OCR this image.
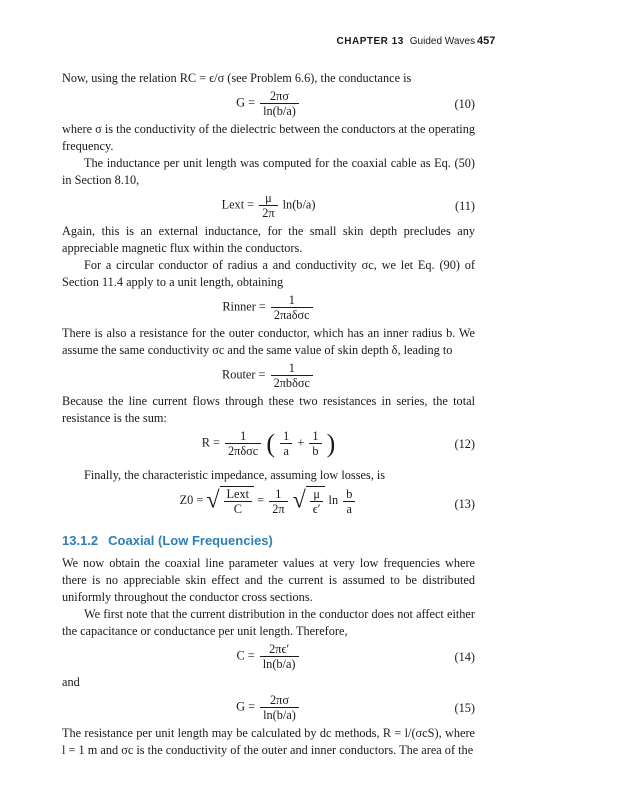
CHAPTER 13 Guided Waves 457

Now, using the relation RC = ϵ/σ (see Problem 6.6), the conductance is

$G = \frac{2\pi\sigma}{\ln(b/a)}$	(10)

where σ is the conductivity of the dielectric between the conductors at the operating frequency.

The inductance per unit length was computed for the coaxial cable as Eq. (50) in Section 8.10,

Lext = $\frac{\mu}{2\pi} \ln(b/a)$	(11)

Again, this is an external inductance, for the small skin depth precludes any appreciable magnetic flux within the conductors.

For a circular conductor of radius a and conductivity σc, we let Eq. (90) of Section 11.4 apply to a unit length, obtaining

Rinner = $\frac{1}{\text{2πaδσc}}$

There is also a resistance for the outer conductor, which has an inner radius b. We assume the same conductivity σc and the same value of skin depth δ, leading to

Router = $\frac{1}{\text{2πbδσc}}$

Because the line current flows through these two resistances in series, the total resistance is the sum:

$R = \frac{1}{\text{2πδσc}}$ ( $\frac{1}{a} + \frac{1}{b}$ )	(12)

Finally, the characteristic impedance, assuming low losses, is

Z0 = √ $\frac{\text{Lext}}{C} = \frac{1}{2\pi}$ √ $\frac{\mu}{\epsilon'}$ $\ln \frac{b}{a}$	(13)
13.1.2 Coaxial (Low Frequencies)

We now obtain the coaxial line parameter values at very low frequencies where there is no appreciable skin effect and the current is assumed to be distributed uniformly throughout the conductor cross sections.

We first note that the current distribution in the conductor does not affect either the capacitance or conductance per unit length. Therefore,

$C = \frac{2\pi\epsilon'}{\ln(b/a)}$	(14)

and

$G = \frac{2\pi\sigma}{\ln(b/a)}$	(15)

The resistance per unit length may be calculated by dc methods, R = l/(σcS), where l = 1 m and σc is the conductivity of the outer and inner conductors. The area of the
